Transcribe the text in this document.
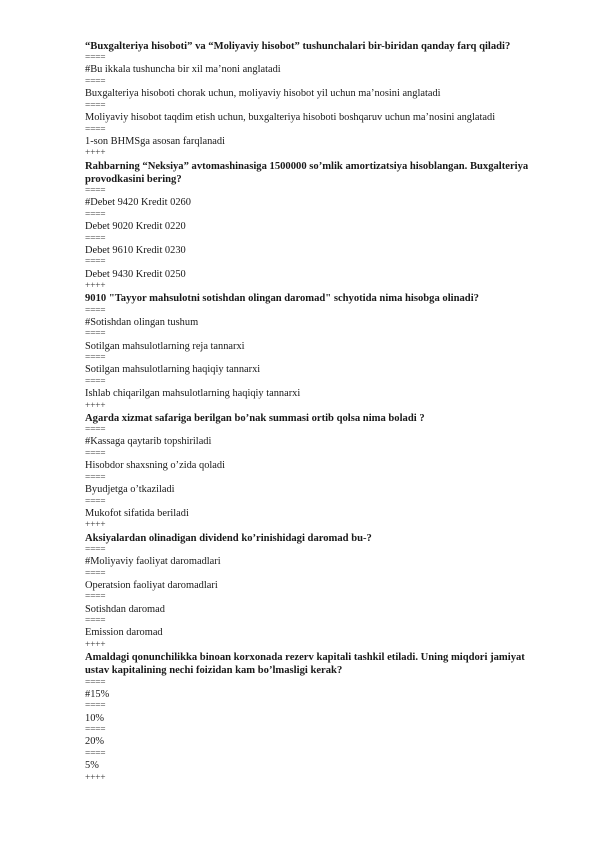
“Buxgalteriya hisoboti” va “Moliyaviy hisobot” tushunchalari bir-biridan qanday farq qiladi?
====
#Bu ikkala tushuncha bir xil ma’noni anglatadi
====
Buxgalteriya hisoboti chorak uchun, moliyaviy hisobot yil uchun ma’nosini anglatadi
====
Moliyaviy hisobot taqdim etish uchun, buxgalteriya hisoboti boshqaruv uchun ma’nosini anglatadi
====
1-son BHMSga asosan farqlanadi
++++
Rahbarning “Neksiya” avtomashinasiga 1500000 so’mlik amortizatsiya hisoblangan. Buxgalteriya provodkasini bering?
====
#Debet 9420 Kredit 0260
====
Debet 9020 Kredit 0220
====
Debet 9610 Kredit 0230
====
Debet 9430 Kredit 0250
++++
9010 "Tayyor mahsulotni sotishdan olingan daromad" schyotida nima hisobga olinadi?
====
#Sotishdan olingan tushum
====
Sotilgan mahsulotlarning reja tannarxi
====
Sotilgan mahsulotlarning haqiqiy tannarxi
====
Ishlab chiqarilgan mahsulotlarning haqiqiy tannarxi
++++
Agarda xizmat safariga berilgan bo’nak summasi ortib qolsa nima boladi ?
====
#Kassaga qaytarib topshiriladi
====
Hisobdor shaxsning o’zida qoladi
====
Byudjetga o’tkaziladi
====
Mukofot sifatida beriladi
++++
Aksiyalardan olinadigan dividend ko’rinishidagi daromad bu-?
====
#Moliyaviy faoliyat daromadlari
====
Operatsion faoliyat daromadlari
====
Sotishdan daromad
====
Emission daromad
++++
Amaldagi qonunchilikka binoan korxonada rezerv kapitali tashkil etiladi. Uning miqdori jamiyat ustav kapitalining nechi foizidan kam bo’lmasligi kerak?
====
#15%
====
10%
====
20%
====
5%
++++
